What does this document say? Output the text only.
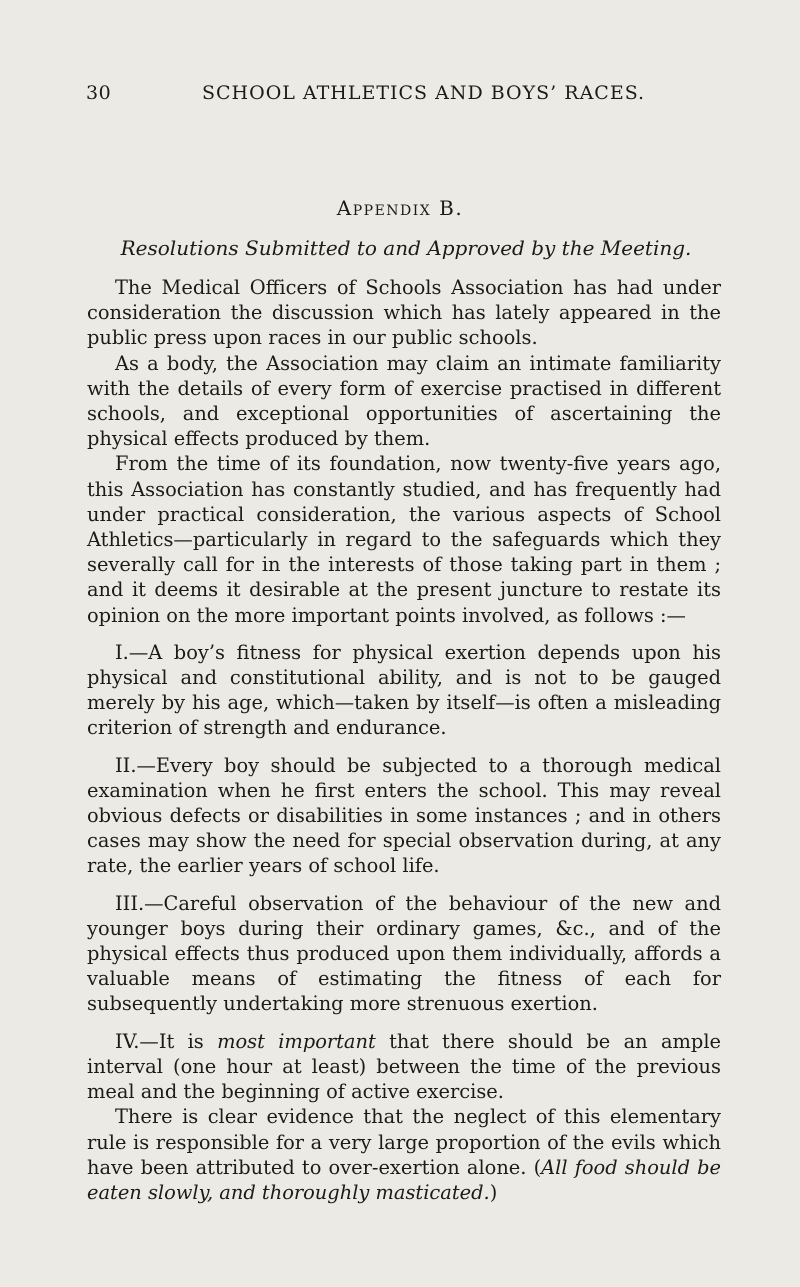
30	SCHOOL ATHLETICS AND BOYS’ RACES.
Appendix B.
Resolutions Submitted to and Approved by the Meeting.

The Medical Officers of Schools Association has had under consideration the discussion which has lately appeared in the public press upon races in our public schools.

As a body, the Association may claim an intimate familiarity with the details of every form of exercise practised in different schools, and exceptional opportunities of ascertaining the physical effects produced by them.

From the time of its foundation, now twenty-five years ago, this Association has constantly studied, and has frequently had under practical consideration, the various aspects of School Athletics—particularly in regard to the safeguards which they severally call for in the interests of those taking part in them ; and it deems it desirable at the present juncture to restate its opinion on the more important points involved, as follows :—

I.—A boy’s fitness for physical exertion depends upon his physical and constitutional ability, and is not to be gauged merely by his age, which—taken by itself—is often a misleading criterion of strength and endurance.

II.—Every boy should be subjected to a thorough medical examination when he first enters the school. This may reveal obvious defects or disabilities in some instances ; and in others cases may show the need for special observation during, at any rate, the earlier years of school life.

III.—Careful observation of the behaviour of the new and younger boys during their ordinary games, &c., and of the physical effects thus produced upon them individually, affords a valuable means of estimating the fitness of each for subsequently undertaking more strenuous exertion.

IV.—It is most important that there should be an ample interval (one hour at least) between the time of the previous meal and the beginning of active exercise.

There is clear evidence that the neglect of this elementary rule is responsible for a very large proportion of the evils which have been attributed to over-exertion alone. (All food should be eaten slowly, and thoroughly masticated.)
